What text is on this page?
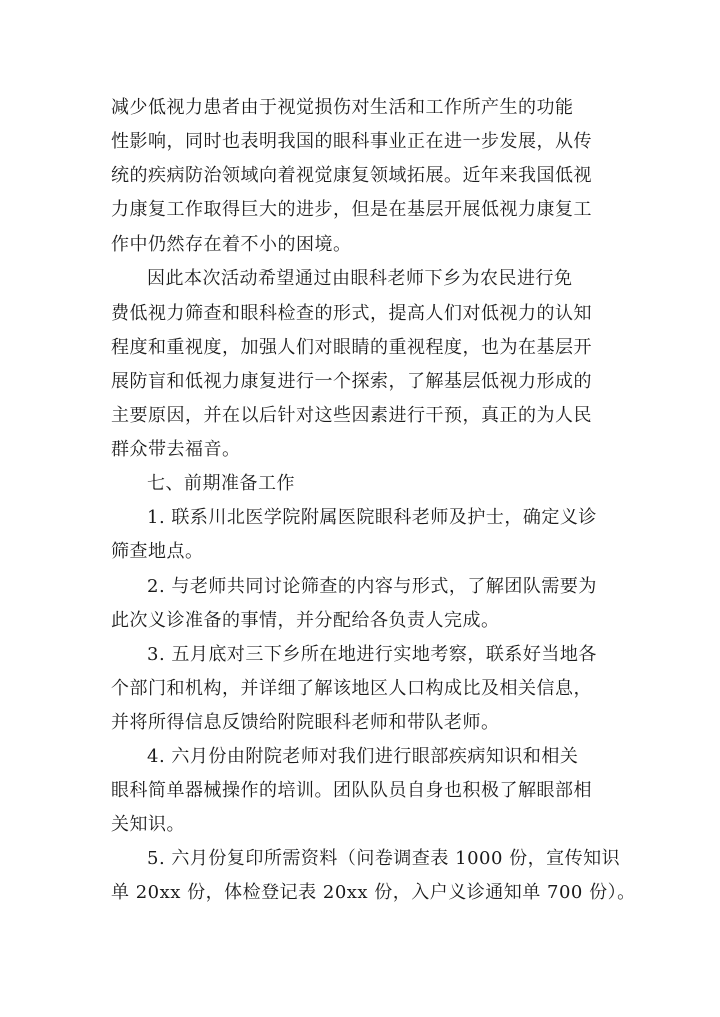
减少低视力患者由于视觉损伤对生活和工作所产生的功能
性影响，同时也表明我国的眼科事业正在进一步发展，从传
统的疾病防治领域向着视觉康复领域拓展。近年来我国低视
力康复工作取得巨大的进步，但是在基层开展低视力康复工
作中仍然存在着不小的困境。
因此本次活动希望通过由眼科老师下乡为农民进行免
费低视力筛查和眼科检查的形式，提高人们对低视力的认知
程度和重视度，加强人们对眼睛的重视程度，也为在基层开
展防盲和低视力康复进行一个探索，了解基层低视力形成的
主要原因，并在以后针对这些因素进行干预，真正的为人民
群众带去福音。
七、前期准备工作
1. 联系川北医学院附属医院眼科老师及护士，确定义诊
筛查地点。
2. 与老师共同讨论筛查的内容与形式，了解团队需要为
此次义诊准备的事情，并分配给各负责人完成。
3. 五月底对三下乡所在地进行实地考察，联系好当地各
个部门和机构，并详细了解该地区人口构成比及相关信息，
并将所得信息反馈给附院眼科老师和带队老师。
4. 六月份由附院老师对我们进行眼部疾病知识和相关
眼科简单器械操作的培训。团队队员自身也积极了解眼部相
关知识。
5. 六月份复印所需资料（问卷调查表 1000 份，宣传知识
单 20xx 份，体检登记表 20xx 份，入户义诊通知单 700 份）。
